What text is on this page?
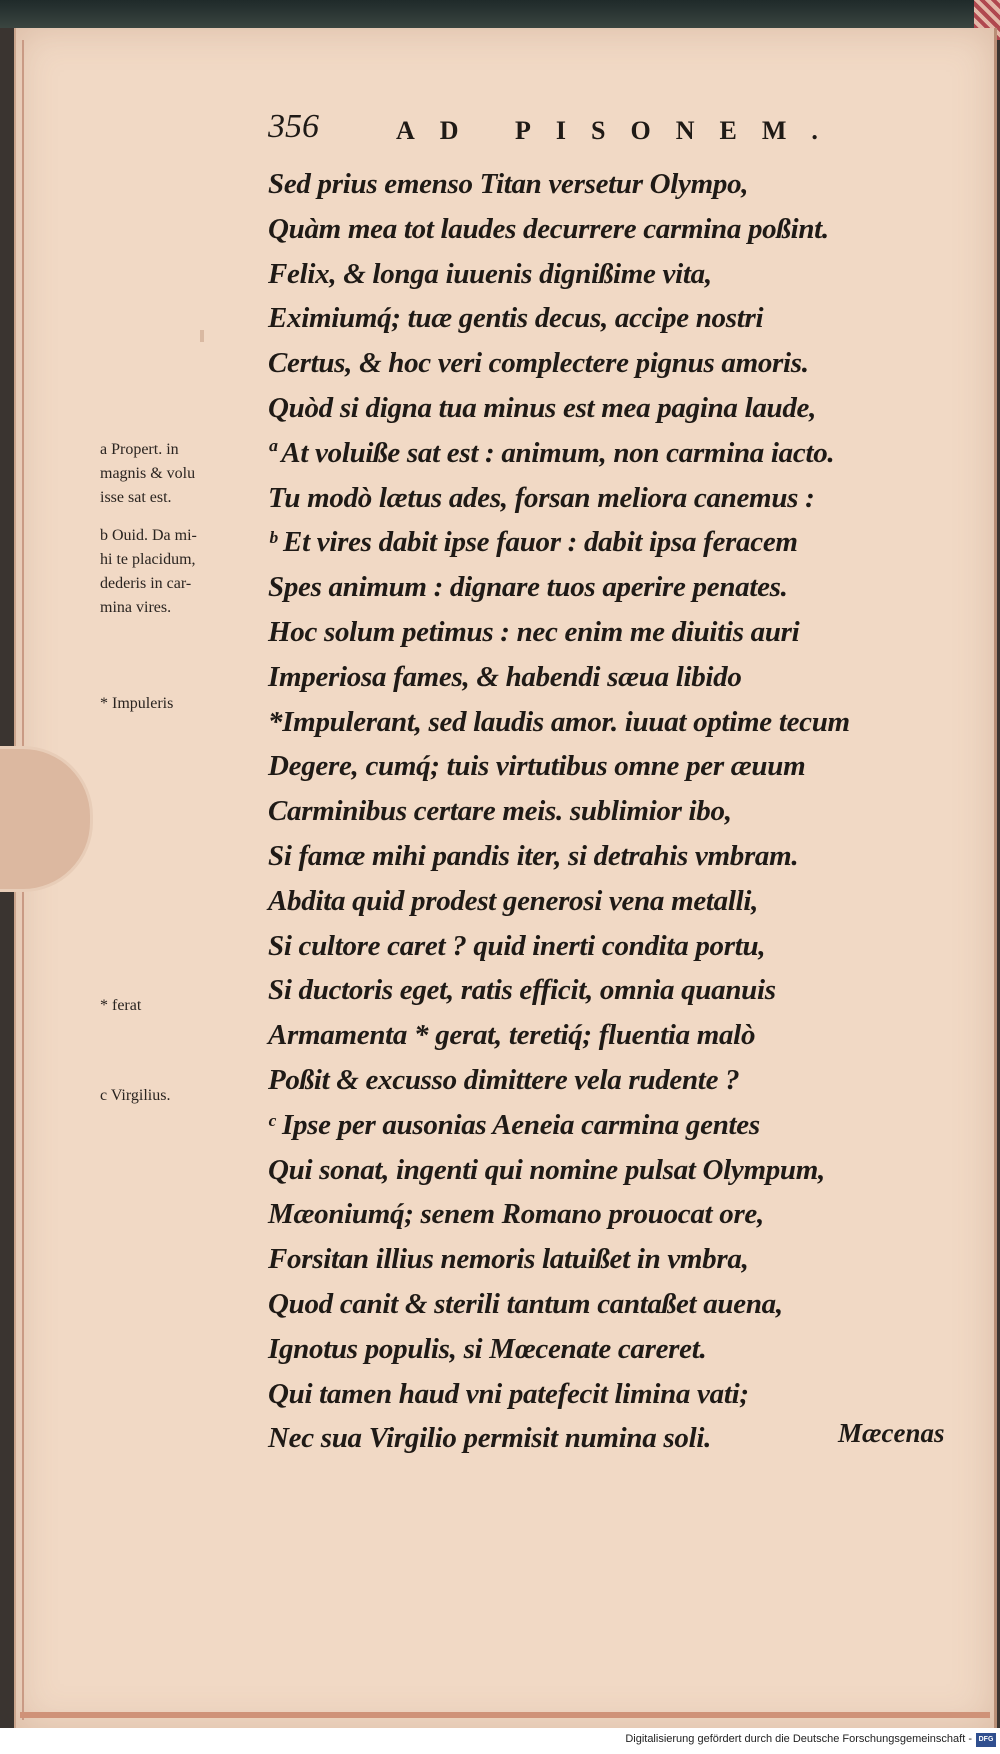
356	AD PISONEM.
Sed prius emenso Titan versetur Olympo,
Quàm mea tot laudes decurrere carmina poßint.
Felix, & longa iuuenis dignißime vita,
Eximiumq́; tuæ gentis decus, accipe nostri
Certus, & hoc veri complectere pignus amoris.
Quòd si digna tua minus est mea pagina laude,
ª At voluiße sat est : animum, non carmina iacto.
Tu modò lætus ades, forsan meliora canemus :
ᵇ Et vires dabit ipse fauor : dabit ipsa feracem
Spes animum : dignare tuos aperire penates.
Hoc solum petimus : nec enim me diuitis auri
Imperiosa fames, & habendi sæua libido
*Impulerant, sed laudis amor. iuuat optime tecum
Degere, cumq́; tuis virtutibus omne per æuum
Carminibus certare meis. sublimior ibo,
Si famæ mihi pandis iter, si detrahis vmbram.
Abdita quid prodest generosi vena metalli,
Si cultore caret ? quid inerti condita portu,
Si ductoris eget, ratis efficit, omnia quanuis
Armamenta * gerat, teretiq́; fluentia malò
Poßit & excusso dimittere vela rudente ?
ᶜ Ipse per ausonias Aeneia carmina gentes
Qui sonat, ingenti qui nomine pulsat Olympum,
Mæoniumq́; senem Romano prouocat ore,
Forsitan illius nemoris latuißet in vmbra,
Quod canit & sterili tantum cantaßet auena,
Ignotus populis, si Mœcenate careret.
Qui tamen haud vni patefecit limina vati;
Nec sua Virgilio permisit numina soli.
a Propert. in
magnis & volu
isse sat est.
b Ouid. Da mi-
hi te placidum,
dederis in car-
mina vires.
* Impuleris
* ferat
c Virgilius.
Mæcenas
Digitalisierung gefördert durch die Deutsche Forschungsgemeinschaft - DFG
